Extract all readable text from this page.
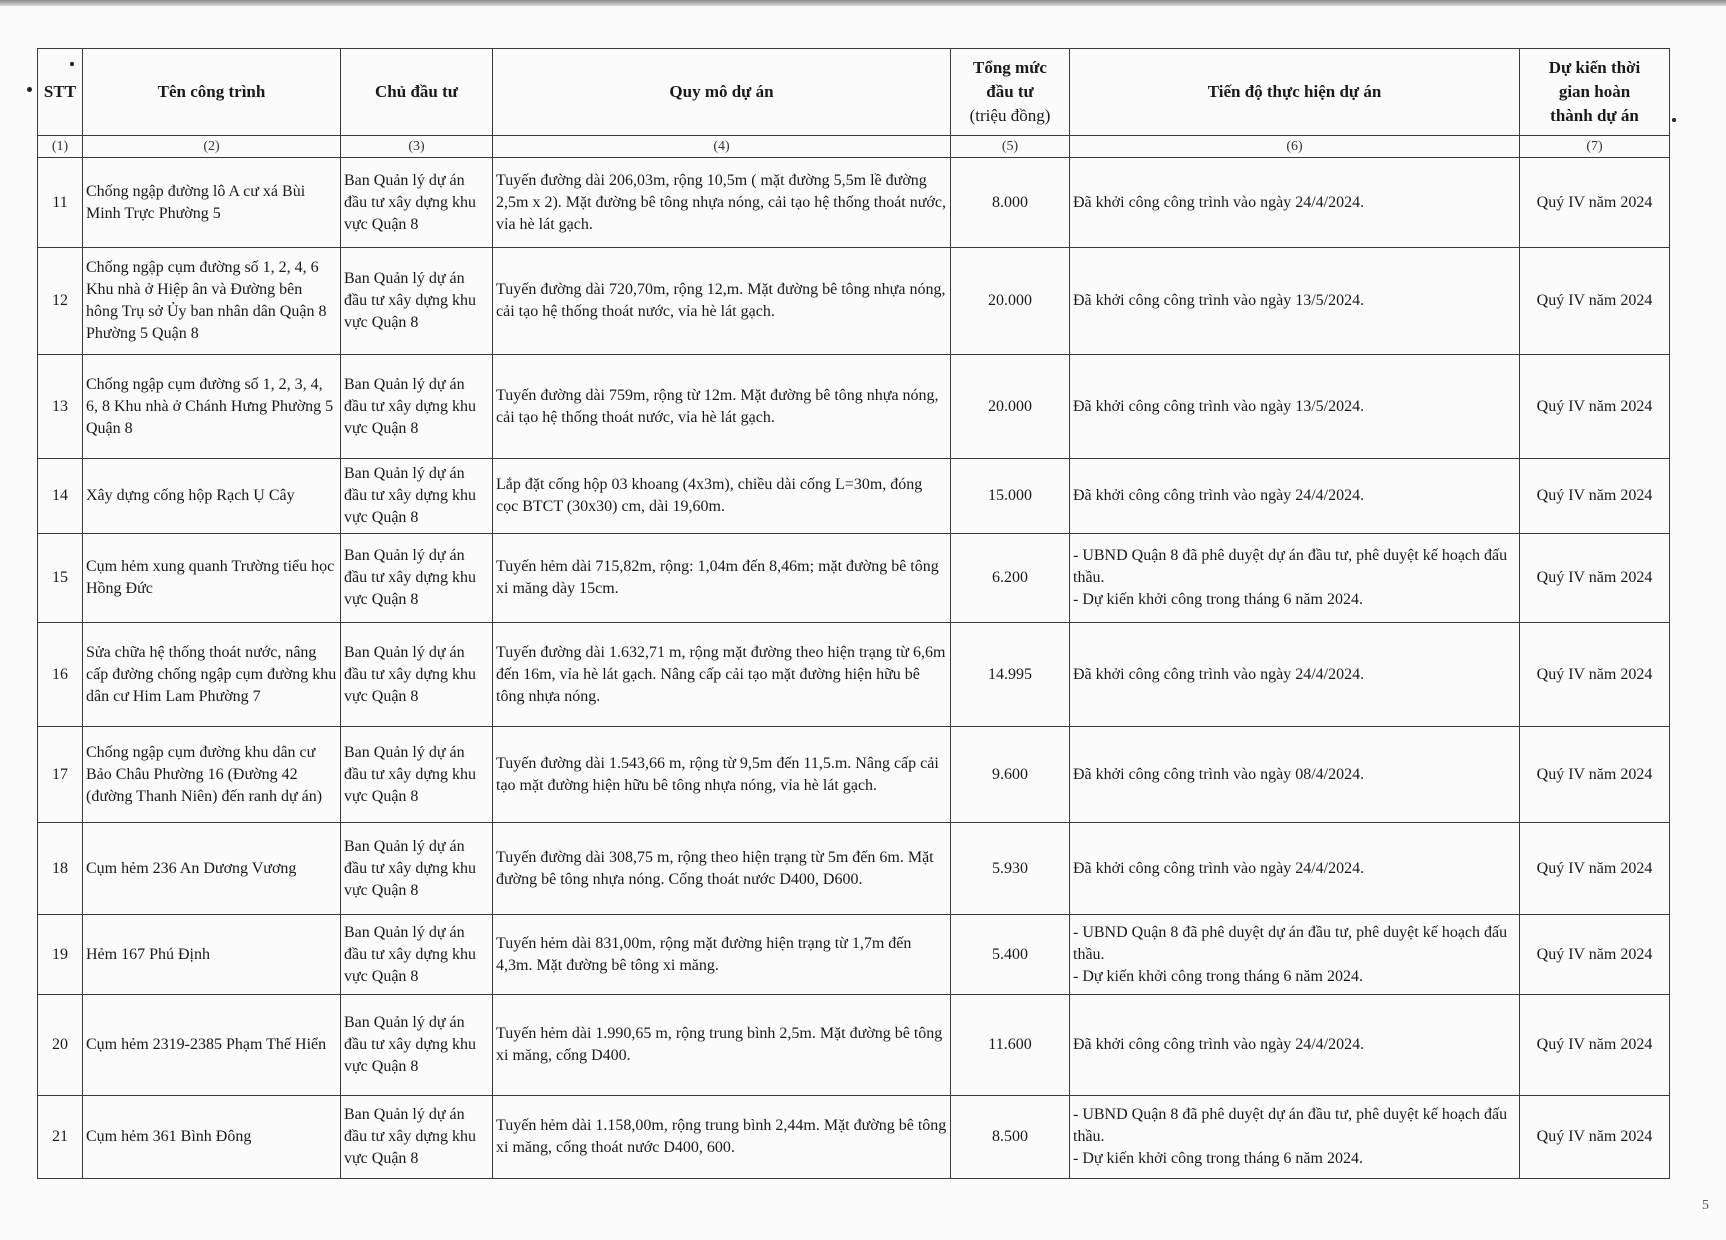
STT	Tên công trình	Chủ đầu tư	Quy mô dự án	Tổng mức
đầu tư
(triệu đồng)	Tiến độ thực hiện dự án	Dự kiến thời
gian hoàn
thành dự án

(1)	(2)	(3)	(4)	(5)	(6)	(7)
11	Chống ngập đường lô A cư xá Bùi Minh Trực Phường 5	Ban Quản lý dự án đầu tư xây dựng khu vực Quận 8	Tuyến đường dài 206,03m, rộng 10,5m ( mặt đường 5,5m lề đường 2,5m x 2). Mặt đường bê tông nhựa nóng, cải tạo hệ thống thoát nước, vỉa hè lát gạch.	8.000	Đã khởi công công trình vào ngày 24/4/2024.	Quý IV năm 2024
12	Chống ngập cụm đường số 1, 2, 4, 6 Khu nhà ở Hiệp ân và Đường bên hông Trụ sở Ủy ban nhân dân Quận 8 Phường 5 Quận 8	Ban Quản lý dự án đầu tư xây dựng khu vực Quận 8	Tuyến đường dài 720,70m, rộng 12,m. Mặt đường bê tông nhựa nóng, cải tạo hệ thống thoát nước, vỉa hè lát gạch.	20.000	Đã khởi công công trình vào ngày 13/5/2024.	Quý IV năm 2024
13	Chống ngập cụm đường số 1, 2, 3, 4, 6, 8 Khu nhà ở Chánh Hưng Phường 5 Quận 8	Ban Quản lý dự án đầu tư xây dựng khu vực Quận 8	Tuyến đường dài 759m, rộng từ 12m. Mặt đường bê tông nhựa nóng, cải tạo hệ thống thoát nước, vỉa hè lát gạch.	20.000	Đã khởi công công trình vào ngày 13/5/2024.	Quý IV năm 2024
14	Xây dựng cống hộp Rạch Ụ Cây	Ban Quản lý dự án đầu tư xây dựng khu vực Quận 8	Lắp đặt cống hộp 03 khoang (4x3m), chiều dài cống L=30m, đóng cọc BTCT (30x30) cm, dài 19,60m.	15.000	Đã khởi công công trình vào ngày 24/4/2024.	Quý IV năm 2024
15	Cụm hẻm xung quanh Trường tiểu học Hồng Đức	Ban Quản lý dự án đầu tư xây dựng khu vực Quận 8	Tuyến hẻm dài 715,82m, rộng: 1,04m đến 8,46m; mặt đường bê tông xi măng dày 15cm.	6.200	- UBND Quận 8 đã phê duyệt dự án đầu tư, phê duyệt kế hoạch đấu thầu.
- Dự kiến khởi công trong tháng 6 năm 2024.	Quý IV năm 2024
16	Sửa chữa hệ thống thoát nước, nâng cấp đường chống ngập cụm đường khu dân cư Him Lam Phường 7	Ban Quản lý dự án đầu tư xây dựng khu vực Quận 8	Tuyến đường dài 1.632,71 m, rộng mặt đường theo hiện trạng từ 6,6m đến 16m, vỉa hè lát gạch. Nâng cấp cải tạo mặt đường hiện hữu bê tông nhựa nóng.	14.995	Đã khởi công công trình vào ngày 24/4/2024.	Quý IV năm 2024
17	Chống ngập cụm đường khu dân cư Bảo Châu Phường 16 (Đường 42 (đường Thanh Niên) đến ranh dự án)	Ban Quản lý dự án đầu tư xây dựng khu vực Quận 8	Tuyến đường dài 1.543,66 m, rộng từ 9,5m đến 11,5.m. Nâng cấp cải tạo mặt đường hiện hữu bê tông nhựa nóng, vỉa hè lát gạch.	9.600	Đã khởi công công trình vào ngày 08/4/2024.	Quý IV năm 2024
18	Cụm hẻm 236 An Dương Vương	Ban Quản lý dự án đầu tư xây dựng khu vực Quận 8	Tuyến đường dài 308,75 m, rộng theo hiện trạng từ 5m đến 6m. Mặt đường bê tông nhựa nóng. Cống thoát nước D400, D600.	5.930	Đã khởi công công trình vào ngày 24/4/2024.	Quý IV năm 2024
19	Hẻm 167 Phú Định	Ban Quản lý dự án đầu tư xây dựng khu vực Quận 8	Tuyến hẻm dài 831,00m, rộng mặt đường hiện trạng từ 1,7m đến 4,3m. Mặt đường bê tông xi măng.	5.400	- UBND Quận 8 đã phê duyệt dự án đầu tư, phê duyệt kế hoạch đấu thầu.
- Dự kiến khởi công trong tháng 6 năm 2024.	Quý IV năm 2024
20	Cụm hẻm 2319-2385 Phạm Thế Hiển	Ban Quản lý dự án đầu tư xây dựng khu vực Quận 8	Tuyến hẻm dài 1.990,65 m, rộng trung bình 2,5m. Mặt đường bê tông xi măng, cống D400.	11.600	Đã khởi công công trình vào ngày 24/4/2024.	Quý IV năm 2024
21	Cụm hẻm 361 Bình Đông	Ban Quản lý dự án đầu tư xây dựng khu vực Quận 8	Tuyến hẻm dài 1.158,00m, rộng trung bình 2,44m. Mặt đường bê tông xi măng, cống thoát nước D400, 600.	8.500	- UBND Quận 8 đã phê duyệt dự án đầu tư, phê duyệt kế hoạch đấu thầu.
- Dự kiến khởi công trong tháng 6 năm 2024.	Quý IV năm 2024
5
